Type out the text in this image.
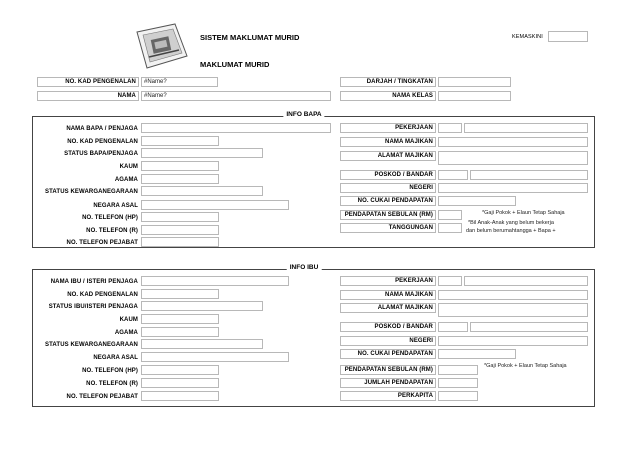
SISTEM MAKLUMAT MURID
MAKLUMAT MURID
KEMASKINI
NO. KAD PENGENALAN #Name?
NAMA #Name?
DARJAH / TINGKATAN
NAMA KELAS
INFO BAPA
NAMA BAPA / PENJAGA
NO. KAD PENGENALAN
STATUS BAPA/PENJAGA
KAUM
AGAMA
STATUS KEWARGANEGARAAN
NEGARA ASAL
NO. TELEFON (HP)
NO. TELEFON (R)
NO. TELEFON PEJABAT
PEKERJAAN
NAMA MAJIKAN
ALAMAT MAJIKAN
POSKOD / BANDAR
NEGERI
NO. CUKAI PENDAPATAN
PENDAPATAN SEBULAN (RM)	*Gaji Pokok + Elaun Tetap Sahaja
TANGGUNGAN
*Bil Anak-Anak yang belum bekerja
dan belum berumahtangga + Bapa +
INFO IBU
NAMA IBU / ISTERI PENJAGA
NO. KAD PENGENALAN
STATUS IBU/ISTERI PENJAGA
KAUM
AGAMA
STATUS KEWARGANEGARAAN
NEGARA ASAL
NO. TELEFON (HP)
NO. TELEFON (R)
NO. TELEFON PEJABAT
PEKERJAAN
NAMA MAJIKAN
ALAMAT MAJIKAN
POSKOD / BANDAR
NEGERI
NO. CUKAI PENDAPATAN
PENDAPATAN SEBULAN (RM)
*Gaji Pokok + Elaun Tetap Sahaja
JUMLAH PENDAPATAN
PERKAPITA
